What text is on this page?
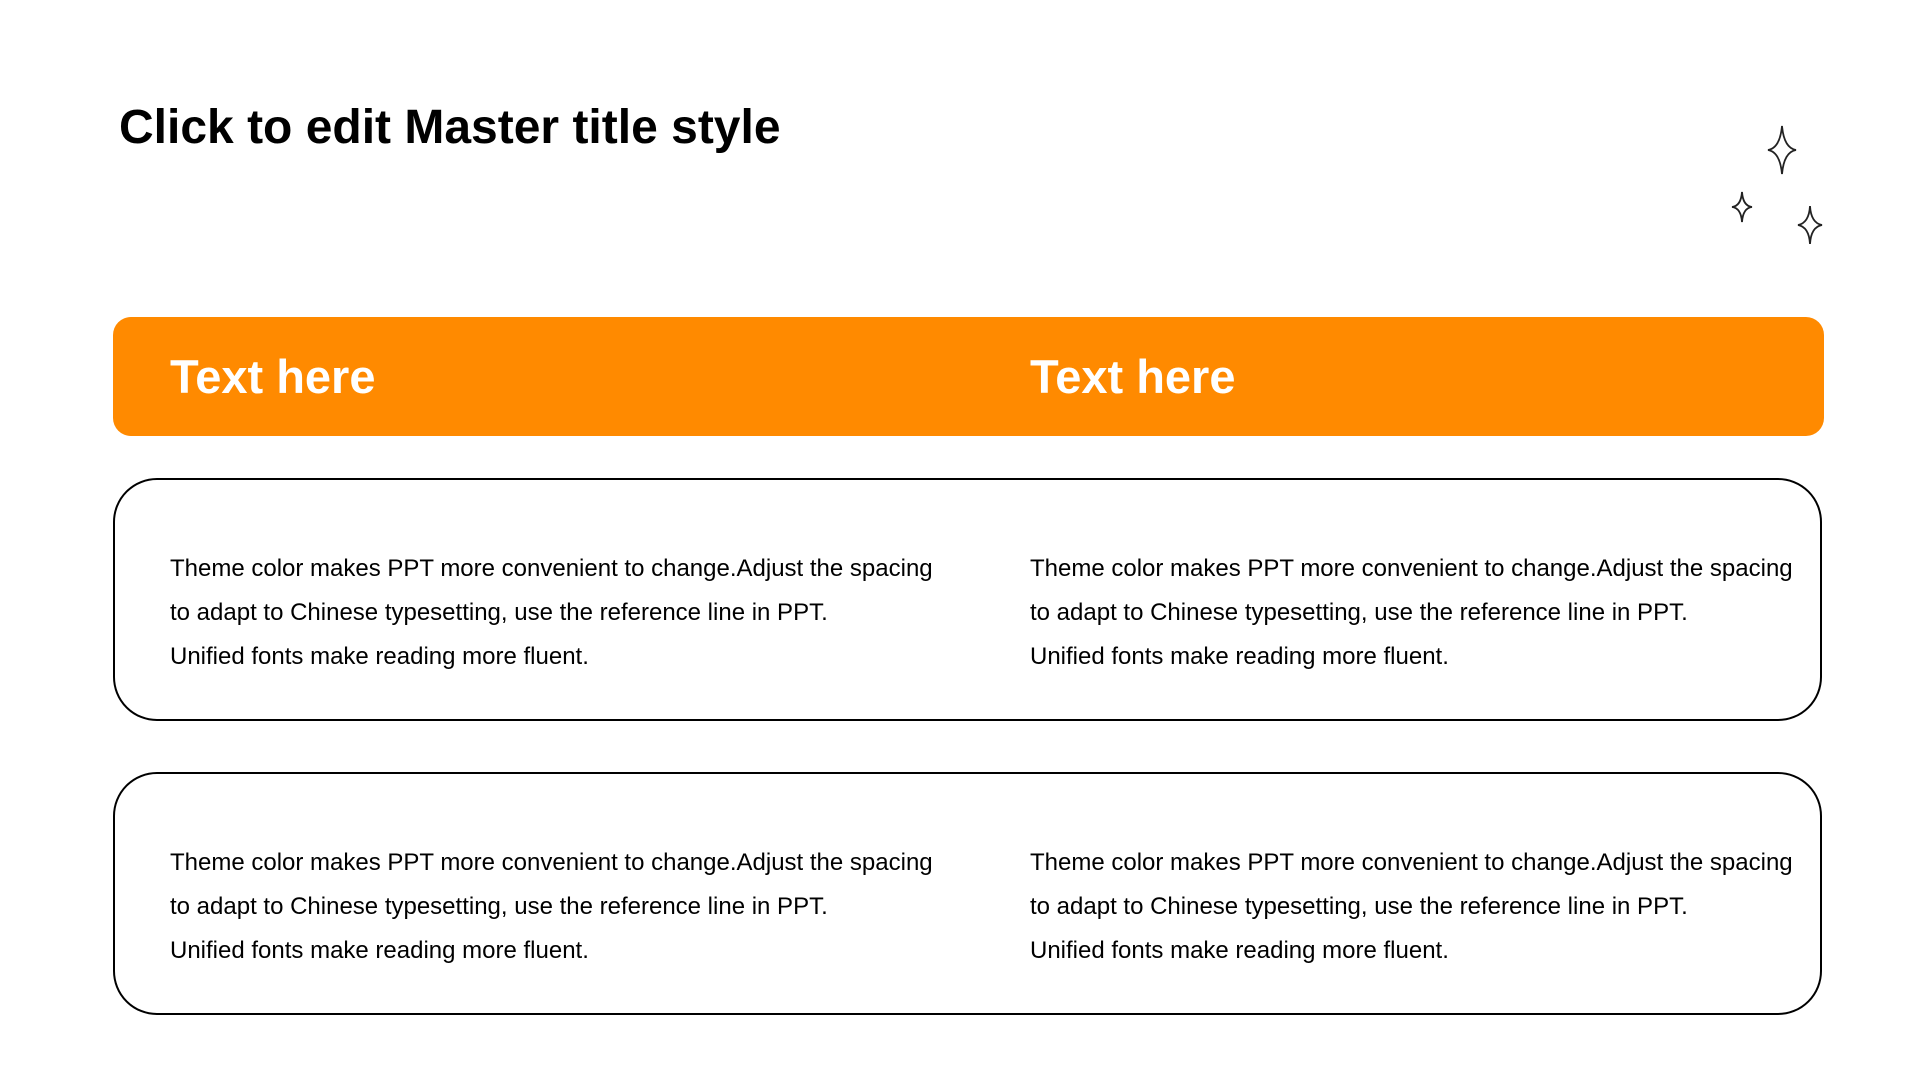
Click to edit Master title style
Text here	Text here

Theme color makes PPT more convenient to change.Adjust the spacing
to adapt to Chinese typesetting, use the reference line in PPT.
Unified fonts make reading more fluent.

Theme color makes PPT more convenient to change.Adjust the spacing
to adapt to Chinese typesetting, use the reference line in PPT.
Unified fonts make reading more fluent.

Theme color makes PPT more convenient to change.Adjust the spacing
to adapt to Chinese typesetting, use the reference line in PPT.
Unified fonts make reading more fluent.

Theme color makes PPT more convenient to change.Adjust the spacing
to adapt to Chinese typesetting, use the reference line in PPT.
Unified fonts make reading more fluent.
